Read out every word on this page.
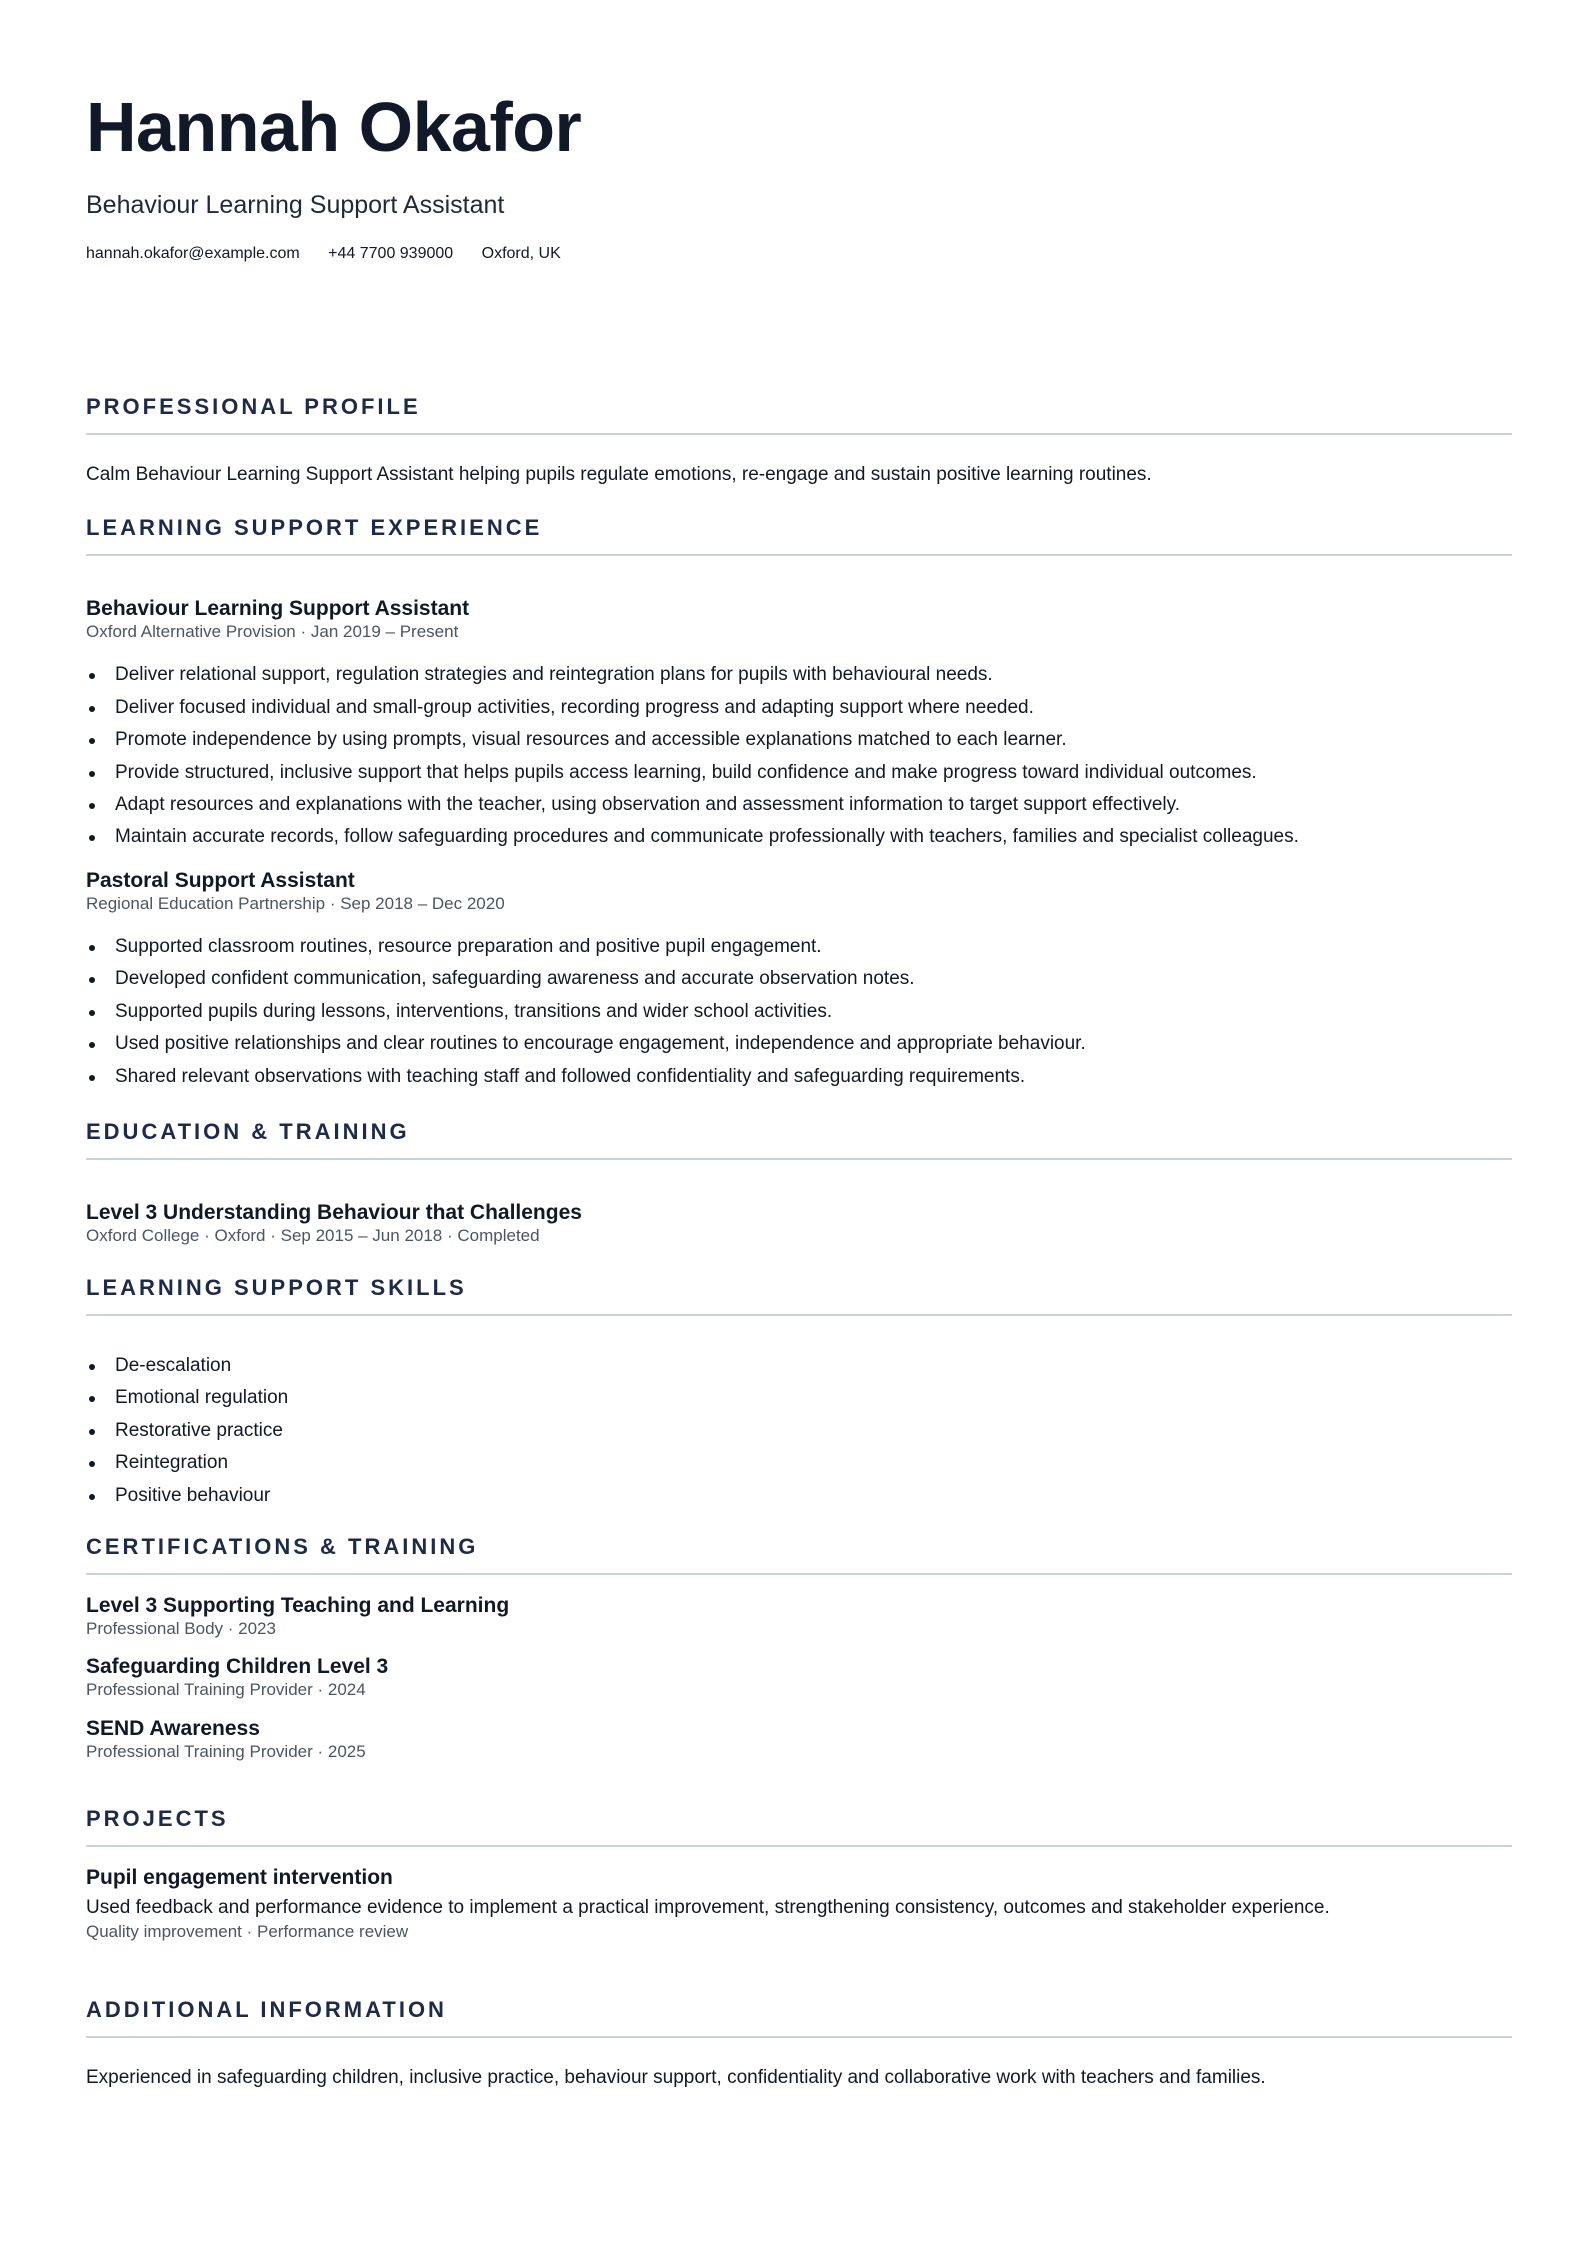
Hannah Okafor
Behaviour Learning Support Assistant
hannah.okafor@example.com +44 7700 939000 Oxford, UK
PROFESSIONAL PROFILE

Calm Behaviour Learning Support Assistant helping pupils regulate emotions, re-engage and sustain positive learning routines.

LEARNING SUPPORT EXPERIENCE

Behaviour Learning Support Assistant

Oxford Alternative Provision · Jan 2019 – Present

Deliver relational support, regulation strategies and reintegration plans for pupils with behavioural needs.
Deliver focused individual and small-group activities, recording progress and adapting support where needed.
Promote independence by using prompts, visual resources and accessible explanations matched to each learner.
Provide structured, inclusive support that helps pupils access learning, build confidence and make progress toward individual outcomes.
Adapt resources and explanations with the teacher, using observation and assessment information to target support effectively.
Maintain accurate records, follow safeguarding procedures and communicate professionally with teachers, families and specialist colleagues.

Pastoral Support Assistant

Regional Education Partnership · Sep 2018 – Dec 2020

Supported classroom routines, resource preparation and positive pupil engagement.
Developed confident communication, safeguarding awareness and accurate observation notes.
Supported pupils during lessons, interventions, transitions and wider school activities.
Used positive relationships and clear routines to encourage engagement, independence and appropriate behaviour.
Shared relevant observations with teaching staff and followed confidentiality and safeguarding requirements.
EDUCATION & TRAINING

Level 3 Understanding Behaviour that Challenges

Oxford College · Oxford · Sep 2015 – Jun 2018 · Completed

LEARNING SUPPORT SKILLS
De-escalation
Emotional regulation
Restorative practice
Reintegration
Positive behaviour
CERTIFICATIONS & TRAINING

Level 3 Supporting Teaching and Learning

Professional Body · 2023

Safeguarding Children Level 3

Professional Training Provider · 2024

SEND Awareness

Professional Training Provider · 2025

PROJECTS

Pupil engagement intervention

Used feedback and performance evidence to implement a practical improvement, strengthening consistency, outcomes and stakeholder experience.

Quality improvement · Performance review

ADDITIONAL INFORMATION

Experienced in safeguarding children, inclusive practice, behaviour support, confidentiality and collaborative work with teachers and families.
